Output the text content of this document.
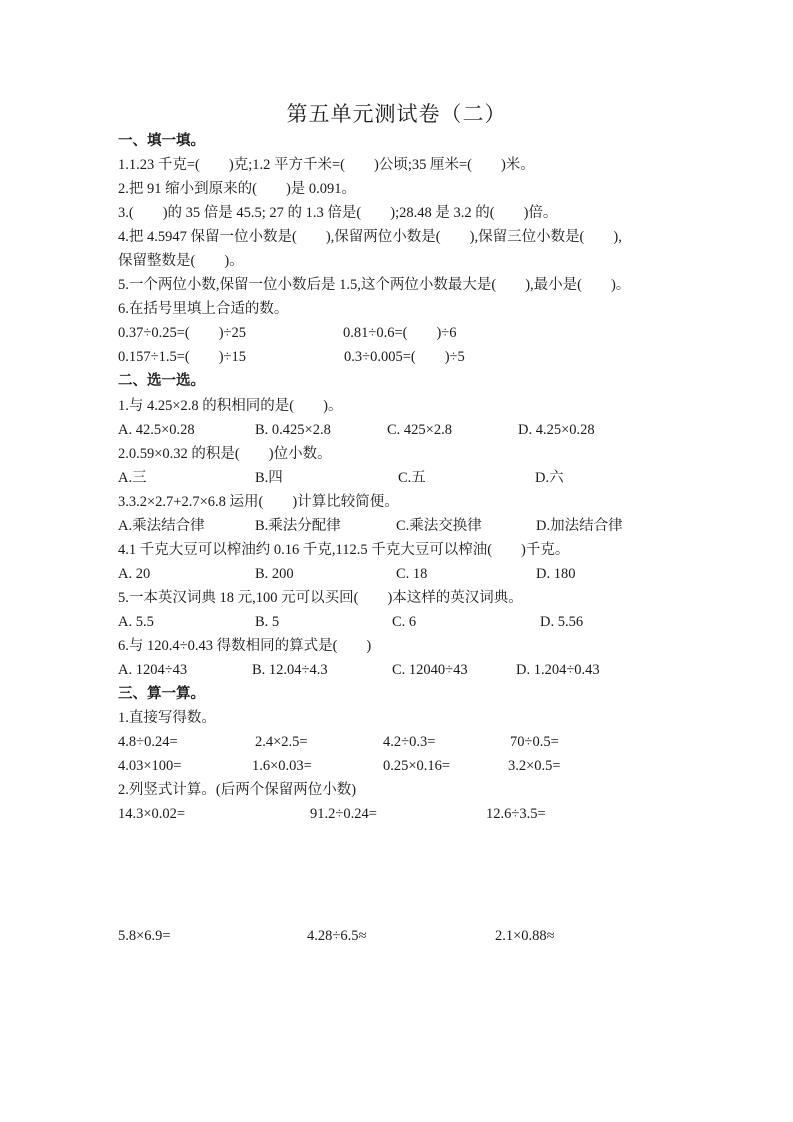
第五单元测试卷（二）
一、填一填。
1.1.23 千克=(        )克;1.2 平方千米=(        )公顷;35 厘米=(        )米。
2.把 91 缩小到原来的(        )是 0.091。
3.(        )的 35 倍是 45.5; 27 的 1.3 倍是(        );28.48 是 3.2 的(        )倍。
4.把 4.5947 保留一位小数是(        ),保留两位小数是(        ),保留三位小数是(        ),
保留整数是(        )。
5.一个两位小数,保留一位小数后是 1.5,这个两位小数最大是(        ),最小是(        )。
6.在括号里填上合适的数。
0.37÷0.25=(        )÷25	0.81÷0.6=(        )÷6
0.157÷1.5=(        )÷15	0.3÷0.005=(        )÷5
二、选一选。
1.与 4.25×2.8 的积相同的是(        )。
A. 42.5×0.28	B. 0.425×2.8	C. 425×2.8	D. 4.25×0.28
2.0.59×0.32 的积是(        )位小数。
A.三	B.四	C.五	D.六
3.3.2×2.7+2.7×6.8 运用(        )计算比较简便。
A.乘法结合律	B.乘法分配律	C.乘法交换律	D.加法结合律
4.1 千克大豆可以榨油约 0.16 千克,112.5 千克大豆可以榨油(        )千克。
A. 20	B. 200	C. 18	D. 180
5.一本英汉词典 18 元,100 元可以买回(        )本这样的英汉词典。
A. 5.5	B. 5	C. 6	D. 5.56
6.与 120.4÷0.43 得数相同的算式是(        )
A. 1204÷43	B. 12.04÷4.3	C. 12040÷43	D. 1.204÷0.43
三、算一算。
1.直接写得数。
4.8÷0.24=	2.4×2.5=	4.2÷0.3=	70÷0.5=
4.03×100=	1.6×0.03=	0.25×0.16=	3.2×0.5=
2.列竖式计算。(后两个保留两位小数)
14.3×0.02=	91.2÷0.24=	12.6÷3.5=
5.8×6.9=	4.28÷6.5≈	2.1×0.88≈
